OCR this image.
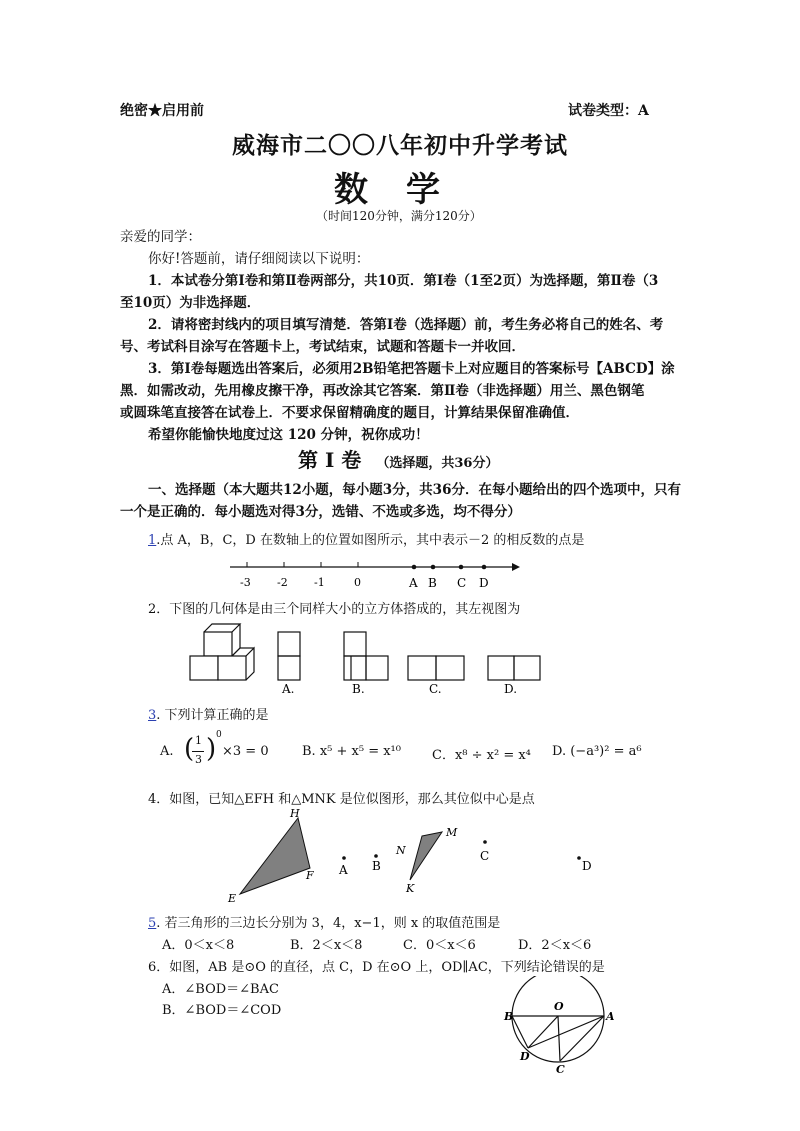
绝密★启用前	试卷类型：A
威海市二〇〇八年初中升学考试
数学
（时间120分钟，满分120分）
亲爱的同学：
你好!答题前，请仔细阅读以下说明：
1．本试卷分第Ⅰ卷和第Ⅱ卷两部分，共10页．第Ⅰ卷（1至2页）为选择题，第Ⅱ卷（3
至10页）为非选择题．
2．请将密封线内的项目填写清楚．答第Ⅰ卷（选择题）前，考生务必将自己的姓名、考
号、考试科目涂写在答题卡上，考试结束，试题和答题卡一并收回．
3．第Ⅰ卷每题选出答案后，必须用2B铅笔把答题卡上对应题目的答案标号【ABCD】涂
黑．如需改动，先用橡皮擦干净，再改涂其它答案．第Ⅱ卷（非选择题）用兰、黑色钢笔
或圆珠笔直接答在试卷上．不要求保留精确度的题目，计算结果保留准确值．
希望你能愉快地度过这 120 分钟，祝你成功！
第 Ⅰ 卷 （选择题，共36分）
一、选择题（本大题共12小题，每小题3分，共36分．在每小题给出的四个选项中，只有
一个是正确的．每小题选对得3分，选错、不选或多选，均不得分）
1.点 A，B，C，D 在数轴上的位置如图所示，其中表示－2 的相反数的点是
-3 -2 -1	0	A B C D
2．下图的几何体是由三个同样大小的立方体搭成的，其左视图为
A.	B.	C.	D.
3. 下列计算正确的是
A. ( 1
3 ) 0
×3 = 0	B. x⁵ + x⁵ = x¹⁰ C．x⁸ ÷ x² = x⁴ D. (−a³)² = a⁶
4．如图，已知△EFH 和△MNK 是位似图形，那么其位似中心是点
H
E
F
N
M
K
A B
C
D
5. 若三角形的三边长分别为 3，4，x−1，则 x 的取值范围是
A．0＜x＜8	B．2＜x＜8	C．0＜x＜6	D．2＜x＜6
6．如图，AB 是⊙O 的直径，点 C，D 在⊙O 上，OD∥AC，下列结论错误的是
A．∠BOD＝∠BAC
B．∠BOD＝∠COD	O
B	A
D
C
